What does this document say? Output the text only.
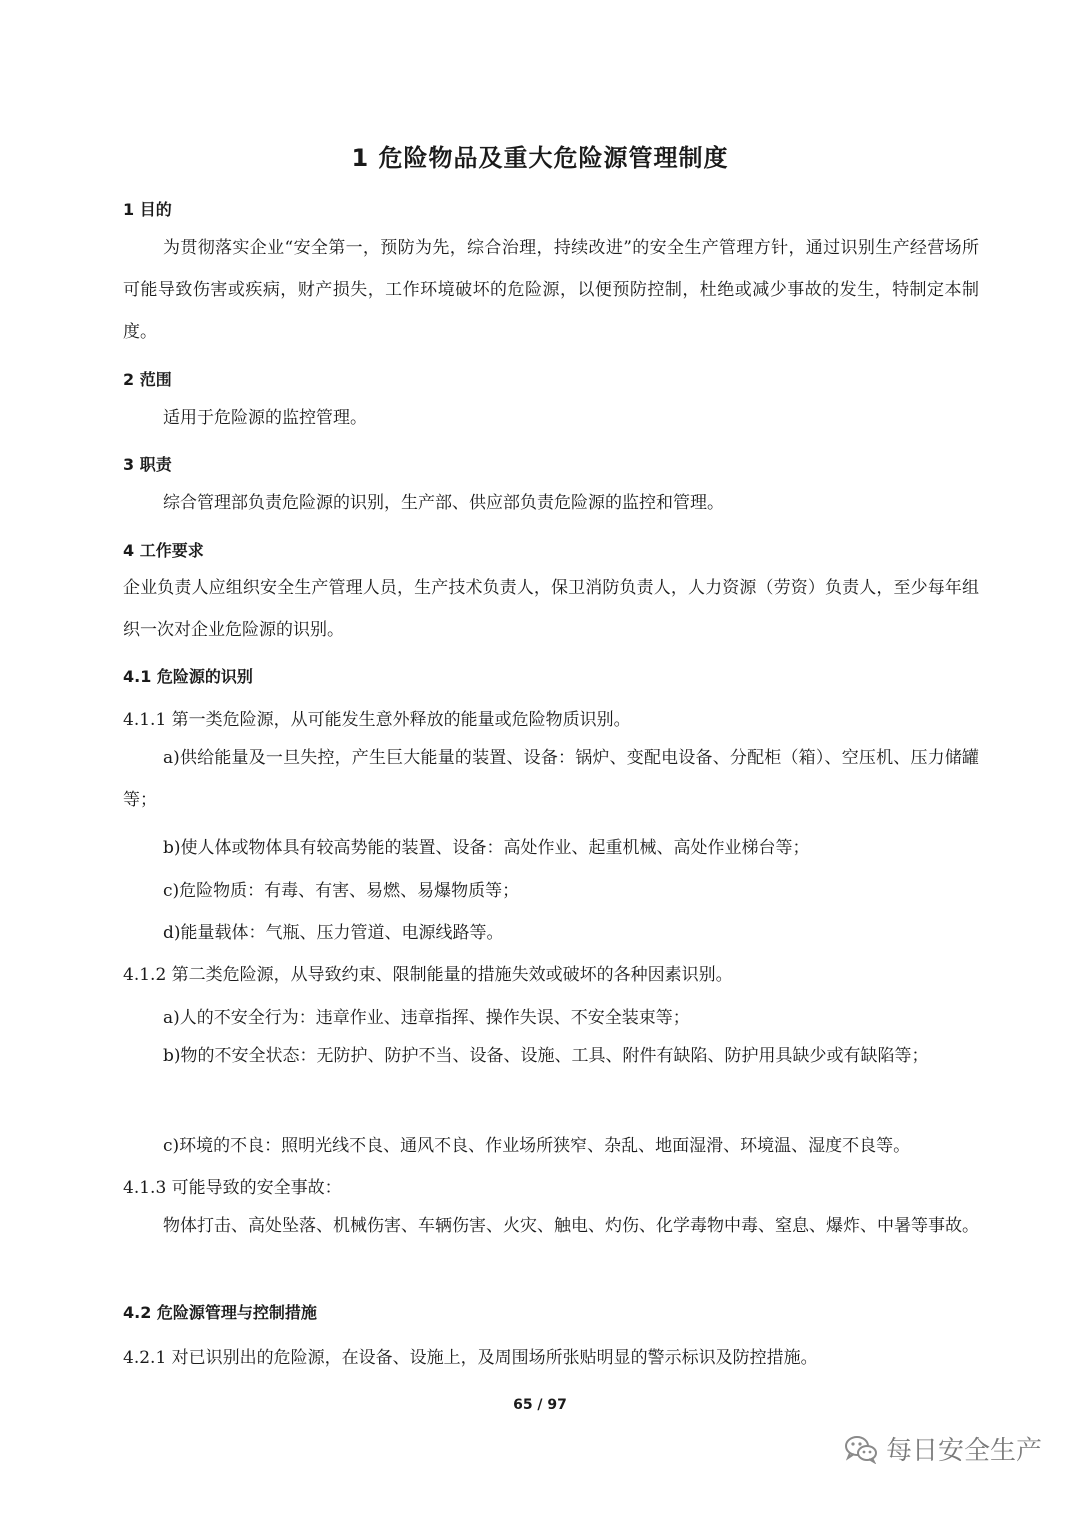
1 危险物品及重大危险源管理制度
1 目的
为贯彻落实企业“安全第一，预防为先，综合治理，持续改进”的安全生产管理方针，通过识别生产经营场所可能导致伤害或疾病，财产损失，工作环境破坏的危险源，以便预防控制，杜绝或减少事故的发生，特制定本制度。
2 范围
适用于危险源的监控管理。
3 职责
综合管理部负责危险源的识别，生产部、供应部负责危险源的监控和管理。
4 工作要求
企业负责人应组织安全生产管理人员，生产技术负责人，保卫消防负责人，人力资源（劳资）负责人，至少每年组织一次对企业危险源的识别。
4.1 危险源的识别
4.1.1 第一类危险源，从可能发生意外释放的能量或危险物质识别。
a)供给能量及一旦失控，产生巨大能量的装置、设备：锅炉、变配电设备、分配柜（箱）、空压机、压力储罐等；
b)使人体或物体具有较高势能的装置、设备：高处作业、起重机械、高处作业梯台等；
c)危险物质：有毒、有害、易燃、易爆物质等；
d)能量载体：气瓶、压力管道、电源线路等。
4.1.2 第二类危险源，从导致约束、限制能量的措施失效或破坏的各种因素识别。
a)人的不安全行为：违章作业、违章指挥、操作失误、不安全装束等；
b)物的不安全状态：无防护、防护不当、设备、设施、工具、附件有缺陷、防护用具缺少或有缺陷等；
c)环境的不良：照明光线不良、通风不良、作业场所狭窄、杂乱、地面湿滑、环境温、湿度不良等。
4.1.3 可能导致的安全事故：
物体打击、高处坠落、机械伤害、车辆伤害、火灾、触电、灼伤、化学毒物中毒、窒息、爆炸、中暑等事故。
4.2 危险源管理与控制措施
4.2.1 对已识别出的危险源，在设备、设施上，及周围场所张贴明显的警示标识及防控措施。
65 / 97
每日安全生产
